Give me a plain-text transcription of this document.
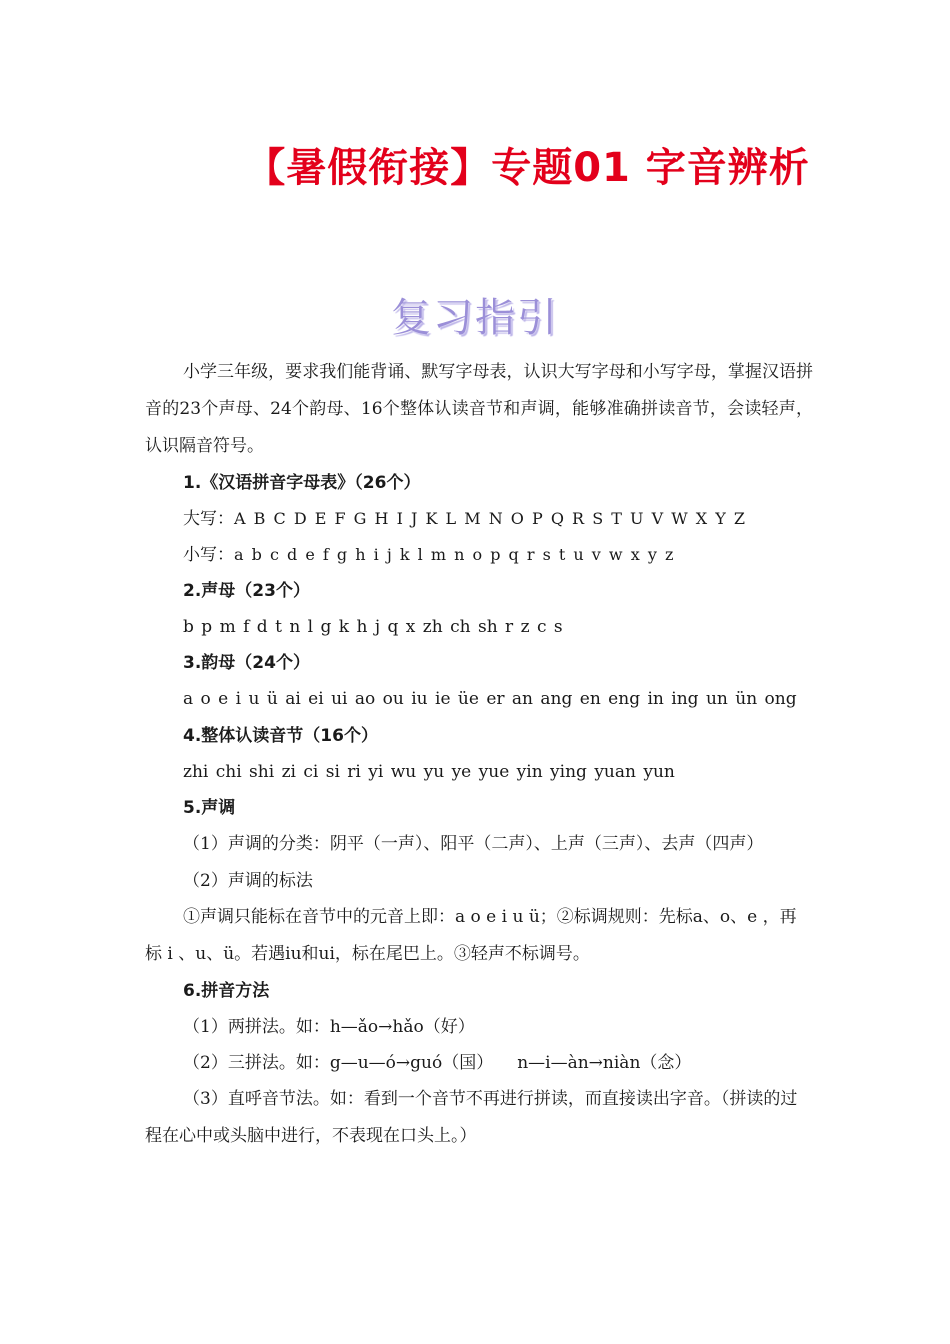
【暑假衔接】专题01 字音辨析
复习指引
小学三年级，要求我们能背诵、默写字母表，认识大写字母和小写字母，掌握汉语拼音的23个声母、24个韵母、16个整体认读音节和声调，能够准确拼读音节，会读轻声，认识隔音符号。
1.《汉语拼音字母表》（26个）
大写：A B C D E F G H I J K L M N O P Q R S T U V W X Y Z
小写：a b c d e f g h i j k l m n o p q r s t u v w x y z
2.声母（23个）
b p m f d t n l g k h j q x zh ch sh r z c s
3.韵母（24个）
a o e i u ü ai ei ui ao ou iu ie üe er an ang en eng in ing un ün ong
4.整体认读音节（16个）
zhi chi shi zi ci si ri yi wu yu ye yue yin ying yuan yun
5.声调
（1）声调的分类：阴平（一声）、阳平（二声）、上声（三声）、去声（四声）
（2）声调的标法
①声调只能标在音节中的元音上即：a o e i u ü；②标调规则：先标a、o、e ，再标 i 、u、ü。若遇iu和ui，标在尾巴上。③轻声不标调号。
6.拼音方法
（1）两拼法。如：h—ǎo→hǎo（好）
（2）三拼法。如：g—u—ó→guó（国） n—i—àn→niàn（念）
（3）直呼音节法。如：看到一个音节不再进行拼读，而直接读出字音。（拼读的过程在心中或头脑中进行，不表现在口头上。）
